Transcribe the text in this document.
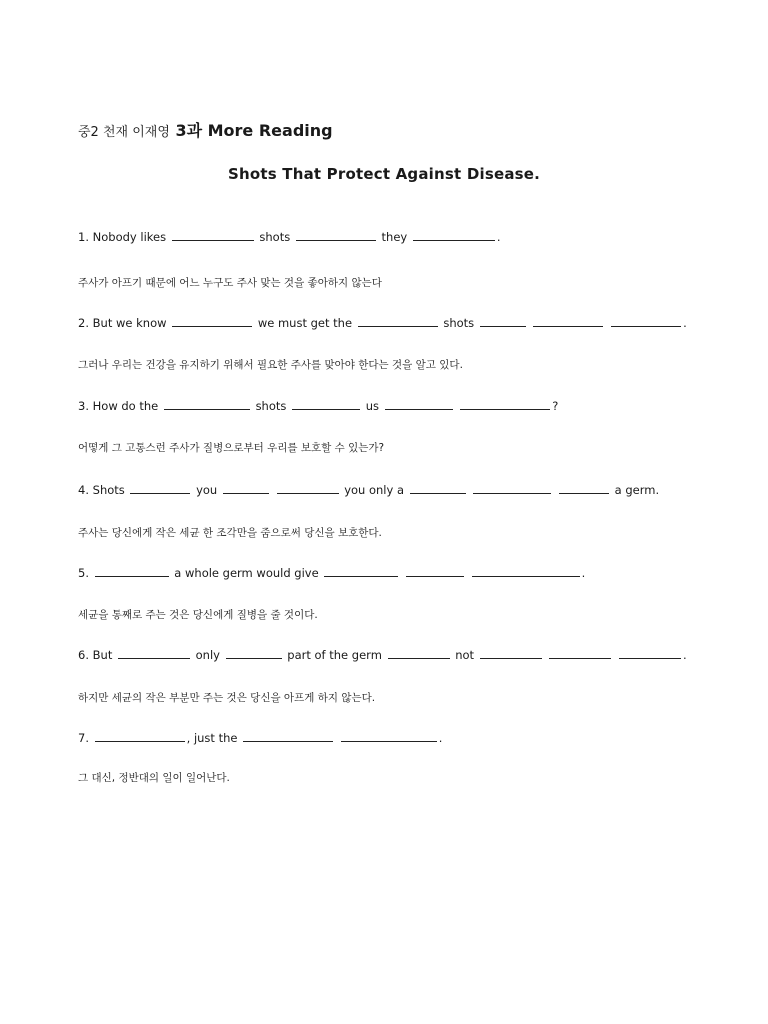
중2 천재 이재영 3과 More Reading
Shots That Protect Against Disease.
1. Nobody likes	shots	they	.
주사가 아프기 때문에 어느 누구도 주사 맞는 것을 좋아하지 않는다
2. But we know	we must get the	shots	.
그러나 우리는 건강을 유지하기 위해서 필요한 주사를 맞아야 한다는 것을 알고 있다.
3. How do the	shots	us	?
어떻게 그 고통스런 주사가 질병으로부터 우리를 보호할 수 있는가?
4. Shots	you	you only a	a germ.
주사는 당신에게 작은 세균 한 조각만을 줌으로써 당신을 보호한다.
5.	a whole germ would give	.
세균을 통째로 주는 것은 당신에게 질병을 줄 것이다.
6. But	only	part of the germ	not	.
하지만 세균의 작은 부분만 주는 것은 당신을 아프게 하지 않는다.
7.	, just the	.
그 대신, 정반대의 일이 일어난다.
